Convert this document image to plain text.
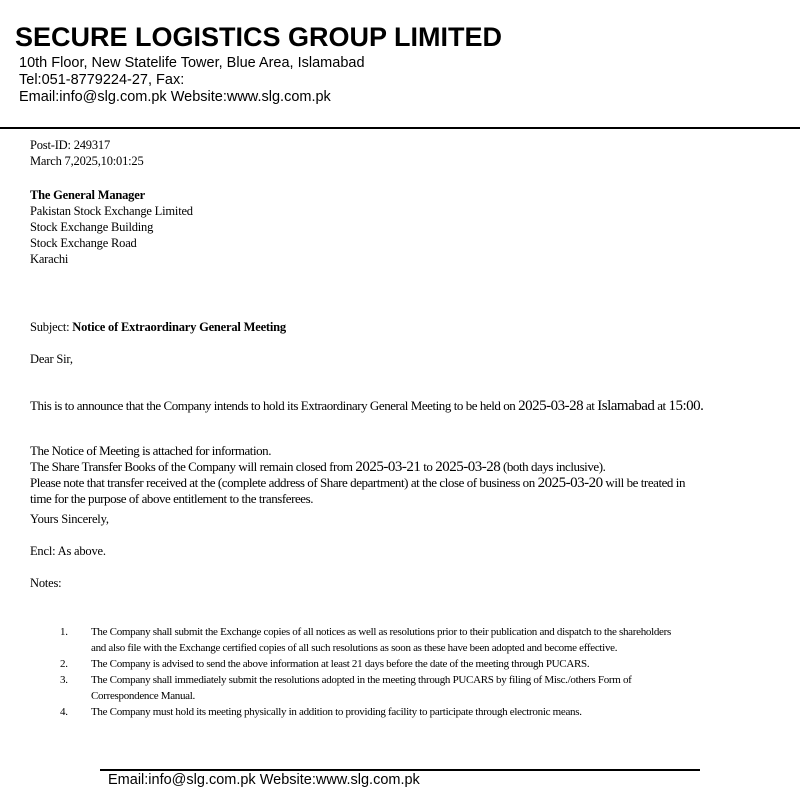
SECURE LOGISTICS GROUP LIMITED
10th Floor, New Statelife Tower, Blue Area, Islamabad
Tel:051-8779224-27, Fax:
Email:info@slg.com.pk Website:www.slg.com.pk
Post-ID: 249317
March 7,2025,10:01:25
The General Manager
Pakistan Stock Exchange Limited
Stock Exchange Building
Stock Exchange Road
Karachi
Subject: Notice of Extraordinary General Meeting
Dear Sir,
This is to announce that the Company intends to hold its Extraordinary General Meeting to be held on 2025-03-28 at Islamabad at 15:00.
The Notice of Meeting is attached for information.
The Share Transfer Books of the Company will remain closed from 2025-03-21 to 2025-03-28 (both days inclusive).
Please note that transfer received at the (complete address of Share department) at the close of business on 2025-03-20 will be treated in
time for the purpose of above entitlement to the transferees.
Yours Sincerely,
Encl: As above.
Notes:
1. The Company shall submit the Exchange copies of all notices as well as resolutions prior to their publication and dispatch to the shareholders
and also file with the Exchange certified copies of all such resolutions as soon as these have been adopted and become effective.
2. The Company is advised to send the above information at least 21 days before the date of the meeting through PUCARS.
3. The Company shall immediately submit the resolutions adopted in the meeting through PUCARS by filing of Misc./others Form of
Correspondence Manual.
4. The Company must hold its meeting physically in addition to providing facility to participate through electronic means.
Email:info@slg.com.pk Website:www.slg.com.pk
